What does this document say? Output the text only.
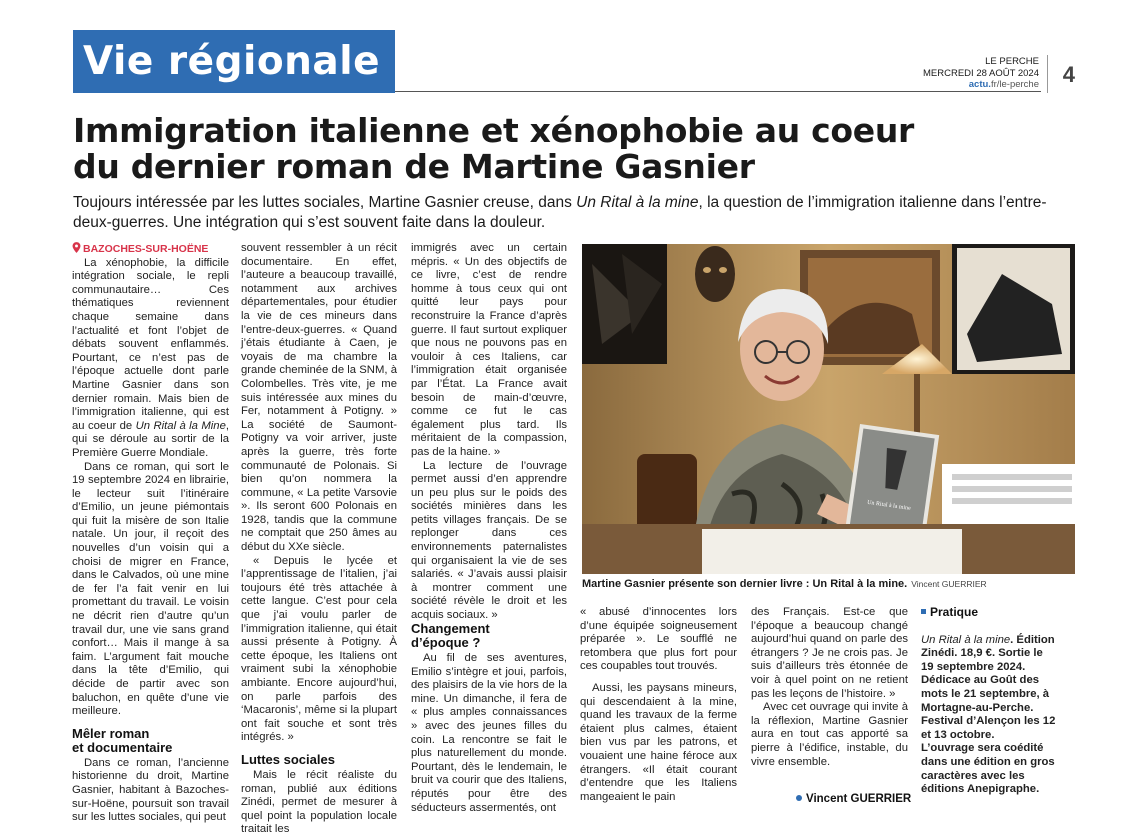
Vie régionale	LE PERCHE
MERCREDI 28 AOÛT 2024
actu.fr/le-perche 4
Immigration italienne et xénophobie au coeur
du dernier roman de Martine Gasnier

Toujours intéressée par les luttes sociales, Martine Gasnier creuse, dans Un Rital à la mine, la question de l’immigration italienne dans l’entre-deux-guerres. Une intégration qui s’est souvent faite dans la douleur.

BAZOCHES-SUR-HOËNE

La xénophobie, la difficile intégration sociale, le repli communautaire… Ces thématiques reviennent chaque semaine dans l’actualité et font l’objet de débats souvent enflammés. Pourtant, ce n’est pas de l’époque actuelle dont parle Martine Gasnier dans son dernier romain. Mais bien de l’immigration italienne, qui est au coeur de Un Rital à la Mine, qui se déroule au sortir de la Première Guerre Mondiale.

Dans ce roman, qui sort le 19 septembre 2024 en librairie, le lecteur suit l’itinéraire d’Emilio, un jeune piémontais qui fuit la misère de son Italie natale. Un jour, il reçoit des nouvelles d’un voisin qui a choisi de migrer en France, dans le Calvados, où une mine de fer l’a fait venir en lui promettant du travail. Le voisin ne décrit rien d’autre qu’un travail dur, une vie sans grand confort… Mais il mange à sa faim. L’argument fait mouche dans la tête d’Emilio, qui décide de partir avec son baluchon, en quête d’une vie meilleure.

Mêler roman
et documentaire

Dans ce roman, l’ancienne historienne du droit, Martine Gasnier, habitant à Bazoches-sur-Hoëne, poursuit son travail sur les luttes sociales, qui peut

souvent ressembler à un récit documentaire. En effet, l’auteure a beaucoup travaillé, notamment aux archives départementales, pour étudier la vie de ces mineurs dans l’entre-deux-guerres. « Quand j’étais étudiante à Caen, je voyais de ma chambre la grande cheminée de la SNM, à Colombelles. Très vite, je me suis intéressée aux mines du Fer, notamment à Potigny. » La société de Saumont-Potigny va voir arriver, juste après la guerre, très forte communauté de Polonais. Si bien qu’on nommera la commune, « La petite Varsovie ». Ils seront 600 Polonais en 1928, tandis que la commune ne comptait que 250 âmes au début du XXe siècle.

« Depuis le lycée et l’apprentissage de l’italien, j’ai toujours été très attachée à cette langue. C’est pour cela que j’ai voulu parler de l’immigration italienne, qui était aussi présente à Potigny. À cette époque, les Italiens ont vraiment subi la xénophobie ambiante. Encore aujourd’hui, on parle parfois des ‘Macaronis’, même si la plupart ont fait souche et sont très intégrés. »

Luttes sociales

Mais le récit réaliste du roman, publié aux éditions Zinédi, permet de mesurer à quel point la population locale traitait les

immigrés avec un certain mépris. « Un des objectifs de ce livre, c’est de rendre homme à tous ceux qui ont quitté leur pays pour reconstruire la France d’après guerre. Il faut surtout expliquer que nous ne pouvons pas en vouloir à ces Italiens, car l’immigration était organisée par l’État. La France avait besoin de main-d’œuvre, comme ce fut le cas également plus tard. Ils méritaient de la compassion, pas de la haine. »

La lecture de l’ouvrage permet aussi d’en apprendre un peu plus sur le poids des sociétés minières dans les petits villages français. De se replonger dans ces environnements paternalistes qui organisaient la vie de ses salariés. « J’avais aussi plaisir à montrer comment une société révèle le droit et les acquis sociaux. »

Changement
d’époque ?

Au fil de ses aventures, Emilio s’intègre et joui, parfois, des plaisirs de la vie hors de la mine. Un dimanche, il fera de « plus amples connaissances » avec des jeunes filles du coin. La rencontre se fait le plus naturellement du monde. Pourtant, dès le lendemain, le bruit va courir que des Italiens, réputés pour être des séducteurs assermentés, ont

Un Rital à la mine
Martine Gasnier présente son dernier livre : Un Rital à la mine. Vincent GUERRIER

« abusé d’innocentes lors d’une équipée soigneusement préparée ». Le soufflé ne retombera que plus fort pour ces coupables tout trouvés.

Aussi, les paysans mineurs, qui descendaient à la mine, quand les travaux de la ferme étaient plus calmes, étaient bien vus par les patrons, et vouaient une haine féroce aux étrangers. «Il était courant d’entendre que les Italiens mangeaient le pain

des Français. Est-ce que l’époque a beaucoup changé aujourd’hui quand on parle des étrangers ? Je ne crois pas. Je suis d’ailleurs très étonnée de voir à quel point on ne retient pas les leçons de l’histoire. »

Avec cet ouvrage qui invite à la réflexion, Martine Gasnier aura en tout cas apporté sa pierre à l’édifice, instable, du vivre ensemble.

Vincent GUERRIER
Pratique

Un Rital à la mine. Édition Zinédi. 18,9 €. Sortie le 19 septembre 2024.

Dédicace au Goût des mots le 21 septembre, à Mortagne-au-Perche.

Festival d’Alençon les 12 et 13 octobre.

L’ouvrage sera coédité dans une édition en gros caractères avec les éditions Anepigraphe.
